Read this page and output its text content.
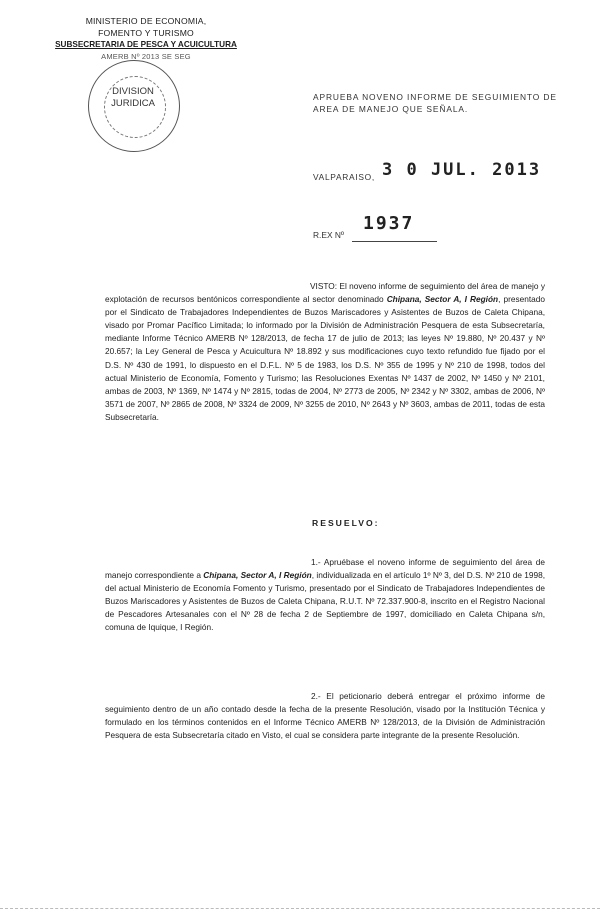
MINISTERIO DE ECONOMIA,
FOMENTO Y TURISMO
SUBSECRETARIA DE PESCA Y ACUICULTURA
AMERB Nº 2013 SE SEG
DIVISION
JURIDICA
APRUEBA NOVENO INFORME DE SEGUIMIENTO DE AREA DE MANEJO QUE SEÑALA.
VALPARAISO, 3 0 JUL. 2013
R.EX Nº
1937
VISTO: El noveno informe de seguimiento del área de manejo y explotación de recursos bentónicos correspondiente al sector denominado Chipana, Sector A, I Región, presentado por el Sindicato de Trabajadores Independientes de Buzos Mariscadores y Asistentes de Buzos de Caleta Chipana, visado por Promar Pacífico Limitada; lo informado por la División de Administración Pesquera de esta Subsecretaría, mediante Informe Técnico AMERB Nº 128/2013, de fecha 17 de julio de 2013; las leyes Nº 19.880, Nº 20.437 y Nº 20.657; la Ley General de Pesca y Acuicultura Nº 18.892 y sus modificaciones cuyo texto refundido fue fijado por el D.S. Nº 430 de 1991, lo dispuesto en el D.F.L. Nº 5 de 1983, los D.S. Nº 355 de 1995 y Nº 210 de 1998, todos del actual Ministerio de Economía, Fomento y Turismo; las Resoluciones Exentas Nº 1437 de 2002, Nº 1450 y Nº 2101, ambas de 2003, Nº 1369, Nº 1474 y Nº 2815, todas de 2004, Nº 2773 de 2005, Nº 2342 y Nº 3302, ambas de 2006, Nº 3571 de 2007, Nº 2865 de 2008, Nº 3324 de 2009, Nº 3255 de 2010, Nº 2643 y Nº 3603, ambas de 2011, todas de esta Subsecretaría.
RESUELVO:
1.- Apruébase el noveno informe de seguimiento del área de manejo correspondiente a Chipana, Sector A, I Región, individualizada en el artículo 1º Nº 3, del D.S. Nº 210 de 1998, del actual Ministerio de Economía Fomento y Turismo, presentado por el Sindicato de Trabajadores Independientes de Buzos Mariscadores y Asistentes de Buzos de Caleta Chipana, R.U.T. Nº 72.337.900-8, inscrito en el Registro Nacional de Pescadores Artesanales con el Nº 28 de fecha 2 de Septiembre de 1997, domiciliado en Caleta Chipana s/n, comuna de Iquique, I Región.
2.- El peticionario deberá entregar el próximo informe de seguimiento dentro de un año contado desde la fecha de la presente Resolución, visado por la Institución Técnica y formulado en los términos contenidos en el Informe Técnico AMERB Nº 128/2013, de la División de Administración Pesquera de esta Subsecretaría citado en Visto, el cual se considera parte integrante de la presente Resolución.
